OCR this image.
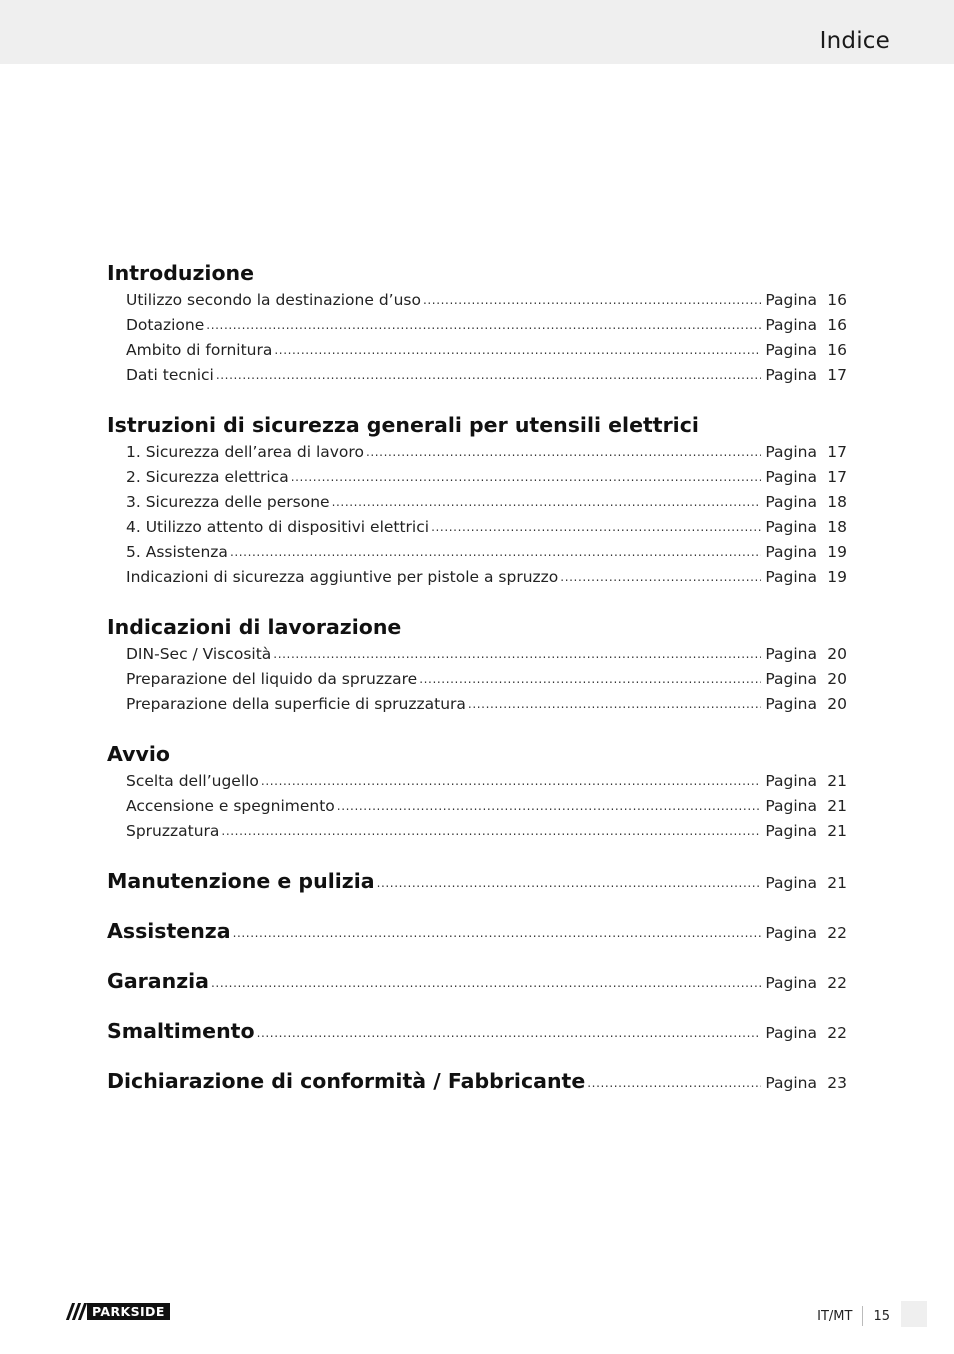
Indice
Introduzione
Utilizzo secondo la destinazione d’uso .....	Pagina 16
Dotazione .....	Pagina 16
Ambito di fornitura .....	Pagina 16
Dati tecnici .....	Pagina 17
Istruzioni di sicurezza generali per utensili elettrici
1. Sicurezza dell’area di lavoro .....	Pagina 17
2. Sicurezza elettrica .....	Pagina 17
3. Sicurezza delle persone .....	Pagina 18
4. Utilizzo attento di dispositivi elettrici .....	Pagina 18
5. Assistenza .....	Pagina 19
Indicazioni di sicurezza aggiuntive per pistole a spruzzo .....	Pagina 19
Indicazioni di lavorazione
DIN-Sec / Viscosità .....	Pagina 20
Preparazione del liquido da spruzzare .....	Pagina 20
Preparazione della superficie di spruzzatura .....	Pagina 20
Avvio
Scelta dell’ugello .....	Pagina 21
Accensione e spegnimento .....	Pagina 21
Spruzzatura .....	Pagina 21
Manutenzione e pulizia .....	Pagina 21
Assistenza .....	Pagina 22
Garanzia .....	Pagina 22
Smaltimento .....	Pagina 22
Dichiarazione di conformità / Fabbricante .....	Pagina 23
PARKSIDE	IT/MT 15
